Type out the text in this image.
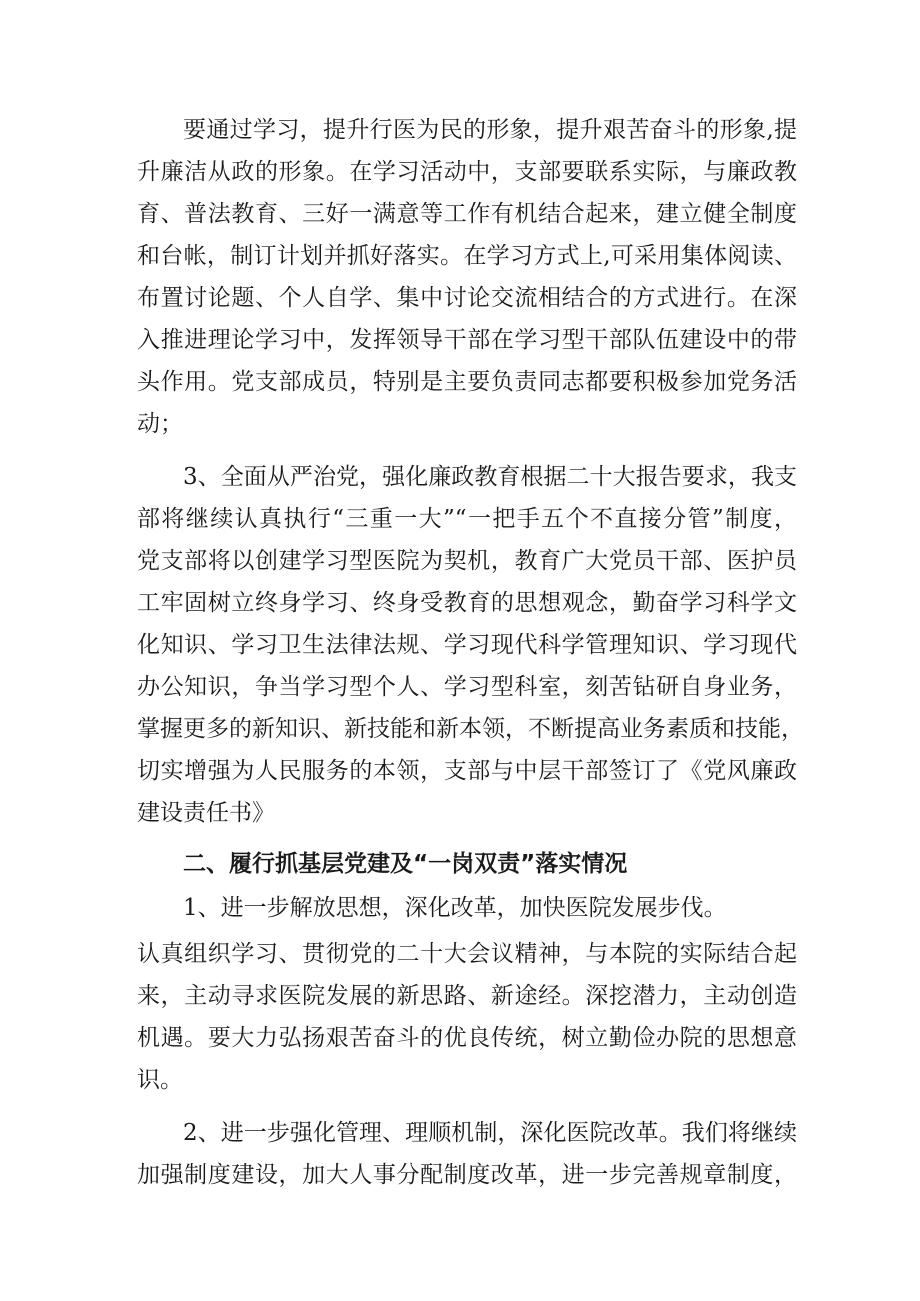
要通过学习，提升行医为民的形象，提升艰苦奋斗的形象,提
升廉洁从政的形象。在学习活动中，支部要联系实际，与廉政教
育、普法教育、三好一满意等工作有机结合起来，建立健全制度
和台帐，制订计划并抓好落实。在学习方式上,可采用集体阅读、
布置讨论题、个人自学、集中讨论交流相结合的方式进行。在深
入推进理论学习中，发挥领导干部在学习型干部队伍建设中的带
头作用。党支部成员，特别是主要负责同志都要积极参加党务活
动；
3、全面从严治党，强化廉政教育根据二十大报告要求，我支
部将继续认真执行“三重一大”“一把手五个不直接分管”制度，
党支部将以创建学习型医院为契机，教育广大党员干部、医护员
工牢固树立终身学习、终身受教育的思想观念，勤奋学习科学文
化知识、学习卫生法律法规、学习现代科学管理知识、学习现代
办公知识，争当学习型个人、学习型科室，刻苦钻研自身业务，
掌握更多的新知识、新技能和新本领，不断提高业务素质和技能，
切实增强为人民服务的本领，支部与中层干部签订了《党风廉政
建设责任书》
二、履行抓基层党建及“一岗双责”落实情况
1、进一步解放思想，深化改革，加快医院发展步伐。
认真组织学习、贯彻党的二十大会议精神，与本院的实际结合起
来，主动寻求医院发展的新思路、新途经。深挖潜力，主动创造
机遇。要大力弘扬艰苦奋斗的优良传统，树立勤俭办院的思想意
识。
2、进一步强化管理、理顺机制，深化医院改革。我们将继续
加强制度建设，加大人事分配制度改革，进一步完善规章制度，
